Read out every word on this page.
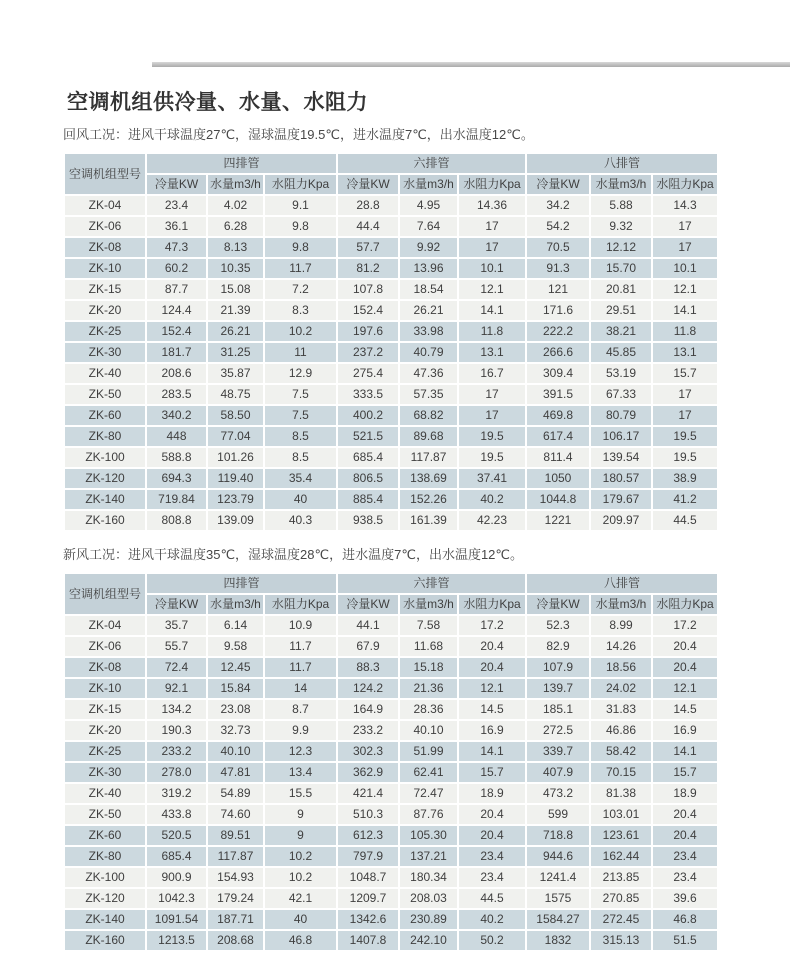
空调机组供冷量、水量、水阻力

回风工况：进风干球温度27℃，湿球温度19.5℃，进水温度7℃，出水温度12℃。

空调机组型号	四排管			六排管			八排管		
	冷量KW	水量m3/h	水阻力Kpa	冷量KW	水量m3/h	水阻力Kpa	冷量KW	水量m3/h	水阻力Kpa
ZK-04	23.4	4.02	9.1	28.8	4.95	14.36	34.2	5.88	14.3
ZK-06	36.1	6.28	9.8	44.4	7.64	17	54.2	9.32	17
ZK-08	47.3	8.13	9.8	57.7	9.92	17	70.5	12.12	17
ZK-10	60.2	10.35	11.7	81.2	13.96	10.1	91.3	15.70	10.1
ZK-15	87.7	15.08	7.2	107.8	18.54	12.1	121	20.81	12.1
ZK-20	124.4	21.39	8.3	152.4	26.21	14.1	171.6	29.51	14.1
ZK-25	152.4	26.21	10.2	197.6	33.98	11.8	222.2	38.21	11.8
ZK-30	181.7	31.25	11	237.2	40.79	13.1	266.6	45.85	13.1
ZK-40	208.6	35.87	12.9	275.4	47.36	16.7	309.4	53.19	15.7
ZK-50	283.5	48.75	7.5	333.5	57.35	17	391.5	67.33	17
ZK-60	340.2	58.50	7.5	400.2	68.82	17	469.8	80.79	17
ZK-80	448	77.04	8.5	521.5	89.68	19.5	617.4	106.17	19.5
ZK-100	588.8	101.26	8.5	685.4	117.87	19.5	811.4	139.54	19.5
ZK-120	694.3	119.40	35.4	806.5	138.69	37.41	1050	180.57	38.9
ZK-140	719.84	123.79	40	885.4	152.26	40.2	1044.8	179.67	41.2
ZK-160	808.8	139.09	40.3	938.5	161.39	42.23	1221	209.97	44.5

新风工况：进风干球温度35℃，湿球温度28℃，进水温度7℃，出水温度12℃。

空调机组型号	四排管			六排管			八排管		
	冷量KW	水量m3/h	水阻力Kpa	冷量KW	水量m3/h	水阻力Kpa	冷量KW	水量m3/h	水阻力Kpa
ZK-04	35.7	6.14	10.9	44.1	7.58	17.2	52.3	8.99	17.2
ZK-06	55.7	9.58	11.7	67.9	11.68	20.4	82.9	14.26	20.4
ZK-08	72.4	12.45	11.7	88.3	15.18	20.4	107.9	18.56	20.4
ZK-10	92.1	15.84	14	124.2	21.36	12.1	139.7	24.02	12.1
ZK-15	134.2	23.08	8.7	164.9	28.36	14.5	185.1	31.83	14.5
ZK-20	190.3	32.73	9.9	233.2	40.10	16.9	272.5	46.86	16.9
ZK-25	233.2	40.10	12.3	302.3	51.99	14.1	339.7	58.42	14.1
ZK-30	278.0	47.81	13.4	362.9	62.41	15.7	407.9	70.15	15.7
ZK-40	319.2	54.89	15.5	421.4	72.47	18.9	473.2	81.38	18.9
ZK-50	433.8	74.60	9	510.3	87.76	20.4	599	103.01	20.4
ZK-60	520.5	89.51	9	612.3	105.30	20.4	718.8	123.61	20.4
ZK-80	685.4	117.87	10.2	797.9	137.21	23.4	944.6	162.44	23.4
ZK-100	900.9	154.93	10.2	1048.7	180.34	23.4	1241.4	213.85	23.4
ZK-120	1042.3	179.24	42.1	1209.7	208.03	44.5	1575	270.85	39.6
ZK-140	1091.54	187.71	40	1342.6	230.89	40.2	1584.27	272.45	46.8
ZK-160	1213.5	208.68	46.8	1407.8	242.10	50.2	1832	315.13	51.5
